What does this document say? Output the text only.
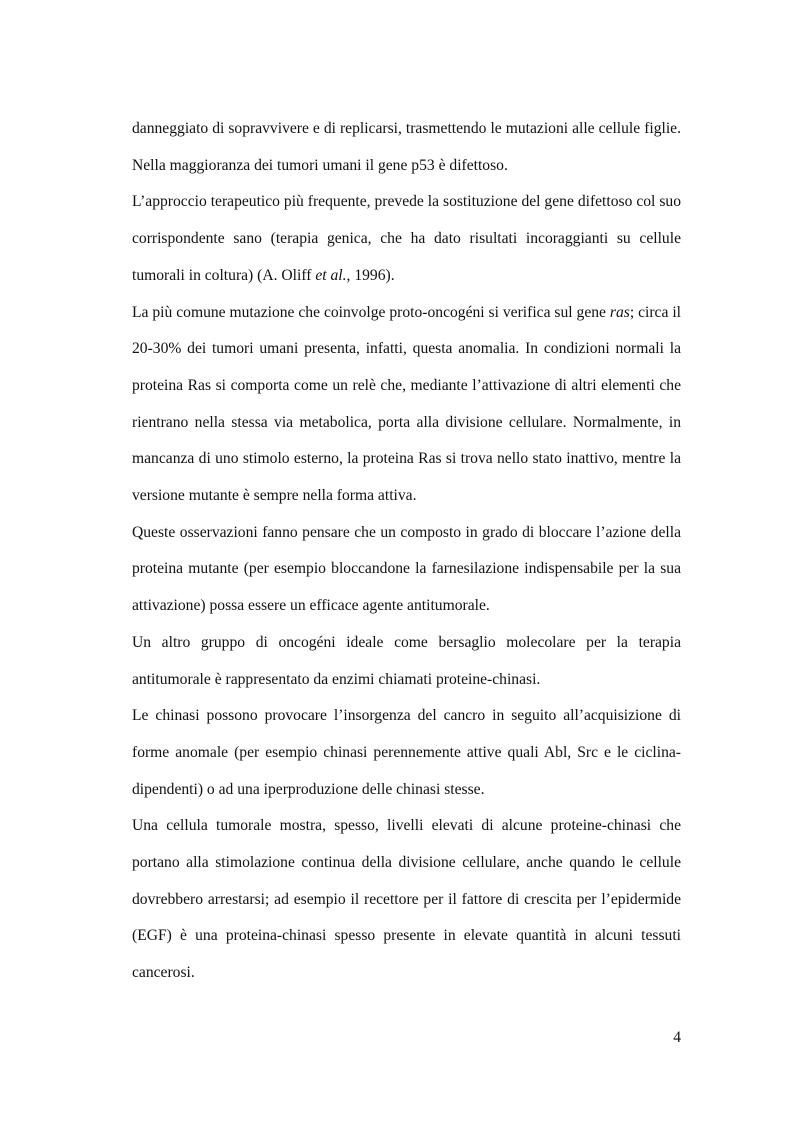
danneggiato di sopravvivere e di replicarsi, trasmettendo le mutazioni alle cellule figlie. Nella maggioranza dei tumori umani il gene p53 è difettoso.

L’approccio terapeutico più frequente, prevede la sostituzione del gene difettoso col suo corrispondente sano (terapia genica, che ha dato risultati incoraggianti su cellule tumorali in coltura) (A. Oliff et al., 1996).

La più comune mutazione che coinvolge proto-oncogéni si verifica sul gene ras; circa il 20-30% dei tumori umani presenta, infatti, questa anomalia. In condizioni normali la proteina Ras si comporta come un relè che, mediante l’attivazione di altri elementi che rientrano nella stessa via metabolica, porta alla divisione cellulare. Normalmente, in mancanza di uno stimolo esterno, la proteina Ras si trova nello stato inattivo, mentre la versione mutante è sempre nella forma attiva.

Queste osservazioni fanno pensare che un composto in grado di bloccare l’azione della proteina mutante (per esempio bloccandone la farnesilazione indispensabile per la sua attivazione) possa essere un efficace agente antitumorale.

Un altro gruppo di oncogéni ideale come bersaglio molecolare per la terapia antitumorale è rappresentato da enzimi chiamati proteine-chinasi.

Le chinasi possono provocare l’insorgenza del cancro in seguito all’acquisizione di forme anomale (per esempio chinasi perennemente attive quali Abl, Src e le ciclina-dipendenti) o ad una iperproduzione delle chinasi stesse.

Una cellula tumorale mostra, spesso, livelli elevati di alcune proteine-chinasi che portano alla stimolazione continua della divisione cellulare, anche quando le cellule dovrebbero arrestarsi; ad esempio il recettore per il fattore di crescita per l’epidermide (EGF) è una proteina-chinasi spesso presente in elevate quantità in alcuni tessuti cancerosi.

4
